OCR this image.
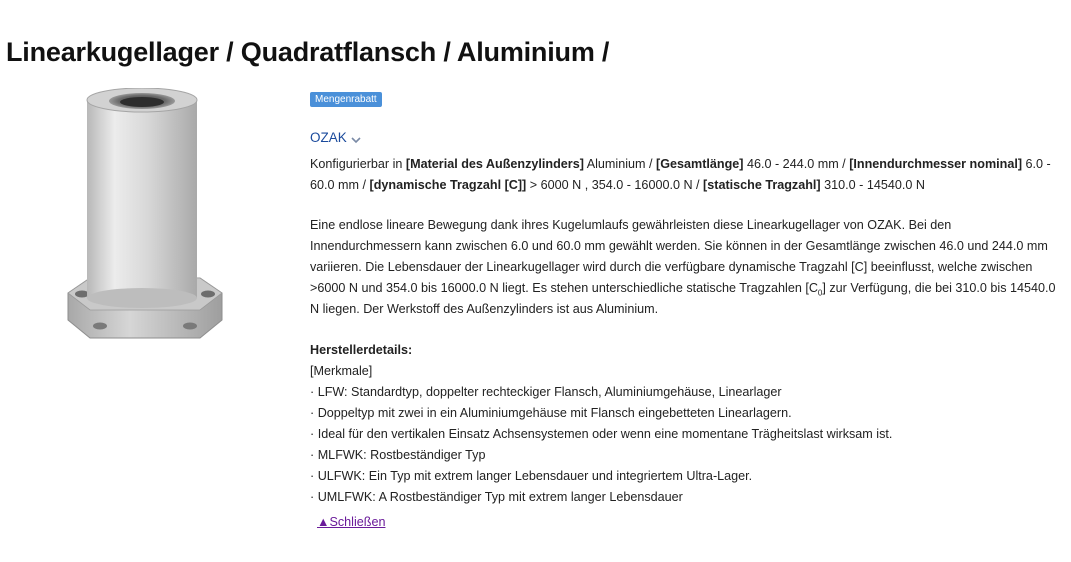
Linearkugellager / Quadratflansch / Aluminium /
Mengenrabatt
OZAK
Konfigurierbar in [Material des Außenzylinders] Aluminium / [Gesamtlänge] 46.0 - 244.0 mm / [Innendurchmesser nominal] 6.0 - 60.0 mm / [dynamische Tragzahl [C]] > 6000 N , 354.0 - 16000.0 N / [statische Tragzahl] 310.0 - 14540.0 N
Eine endlose lineare Bewegung dank ihres Kugelumlaufs gewährleisten diese Linearkugellager von OZAK. Bei den Innendurchmessern kann zwischen 6.0 und 60.0 mm gewählt werden. Sie können in der Gesamtlänge zwischen 46.0 und 244.0 mm variieren. Die Lebensdauer der Linearkugellager wird durch die verfügbare dynamische Tragzahl [C] beeinflusst, welche zwischen >6000 N und 354.0 bis 16000.0 N liegt. Es stehen unterschiedliche statische Tragzahlen $[C_0]$ zur Verfügung, die bei 310.0 bis 14540.0 N liegen. Der Werkstoff des Außenzylinders ist aus Aluminium.
Herstellerdetails:
[Merkmale]
· LFW: Standardtyp, doppelter rechteckiger Flansch, Aluminiumgehäuse, Linearlager
· Doppeltyp mit zwei in ein Aluminiumgehäuse mit Flansch eingebetteten Linearlagern.
· Ideal für den vertikalen Einsatz Achsensystemen oder wenn eine momentane Trägheitslast wirksam ist.
· MLFWK: Rostbeständiger Typ
· ULFWK: Ein Typ mit extrem langer Lebensdauer und integriertem Ultra-Lager.
· UMLFWK: A Rostbeständiger Typ mit extrem langer Lebensdauer
▲Schließen
